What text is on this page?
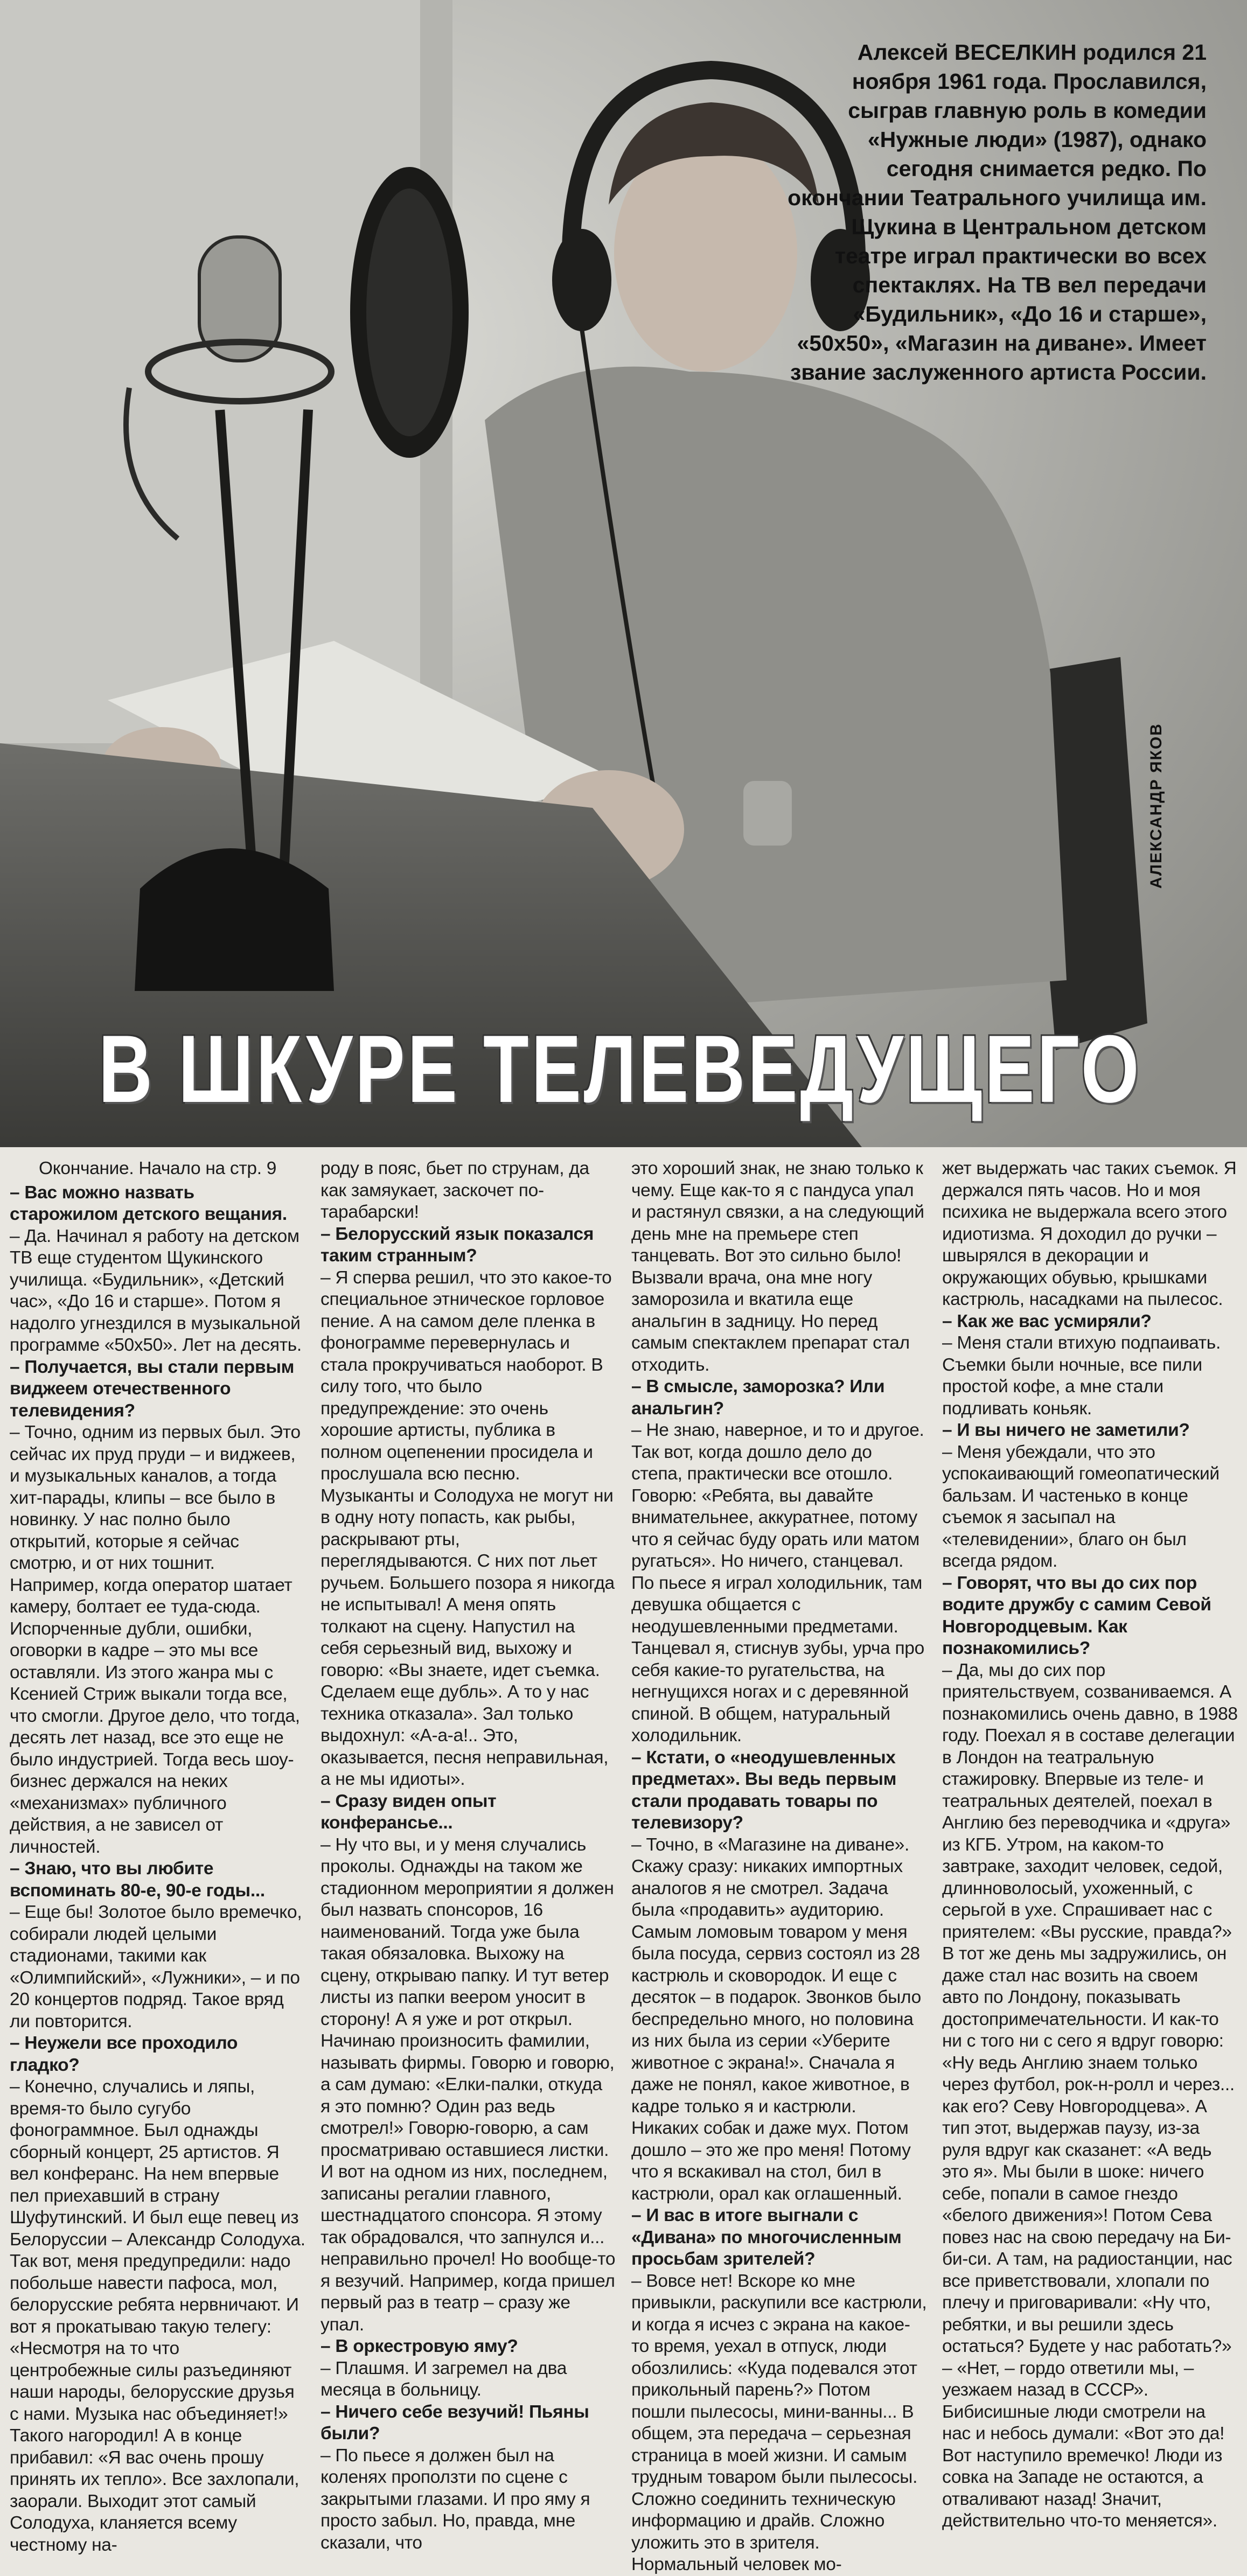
Алексей ВЕСЕЛКИН родился 21 ноября 1961 года. Прославился, сыграв главную роль в комедии «Нужные люди» (1987), однако сегодня снимается редко. По окончании Театрального училища им. Щукина в Центральном детском театре играл практически во всех спектаклях. На ТВ вел передачи «Будильник», «До 16 и старше», «50х50», «Магазин на диване». Имеет звание заслуженного артиста России.
АЛЕКСАНДР ЯКОВ
В ШКУРЕ ТЕЛЕВЕДУЩЕГО

Окончание. Начало на стр. 9

– Вас можно назвать старожилом детского вещания.

– Да. Начинал я работу на детском ТВ еще студентом Щукинского училища. «Будильник», «Детский час», «До 16 и старше». Потом я надолго угнездился в музыкальной программе «50х50». Лет на десять.

– Получается, вы стали первым виджеем отечественного телевидения?

– Точно, одним из первых был. Это сейчас их пруд пруди – и виджеев, и музыкальных каналов, а тогда хит-парады, клипы – все было в новинку. У нас полно было открытий, которые я сейчас смотрю, и от них тошнит. Например, когда оператор шатает камеру, болтает ее туда-сюда. Испорченные дубли, ошибки, оговорки в кадре – это мы все оставляли. Из этого жанра мы с Ксенией Стриж выкали тогда все, что смогли. Другое дело, что тогда, десять лет назад, все это еще не было индустрией. Тогда весь шоу-бизнес держался на неких «механизмах» публичного действия, а не зависел от личностей.

– Знаю, что вы любите вспоминать 80-е, 90-е годы...

– Еще бы! Золотое было времечко, собирали людей целыми стадионами, такими как «Олимпийский», «Лужники», – и по 20 концертов подряд. Такое вряд ли повторится.

– Неужели все проходило гладко?

– Конечно, случались и ляпы, время-то было сугубо фонограммное. Был однажды сборный концерт, 25 артистов. Я вел конферанс. На нем впервые пел приехавший в страну Шуфутинский. И был еще певец из Белоруссии – Александр Солодуха. Так вот, меня предупредили: надо побольше навести пафоса, мол, белорусские ребята нервничают. И вот я прокатываю такую телегу: «Несмотря на то что центробежные силы разъединяют наши народы, белорусские друзья с нами. Музыка нас объединяет!» Такого нагородил! А в конце прибавил: «Я вас очень прошу принять их тепло». Все захлопали, заорали. Выходит этот самый Солодуха, кланяется всему честному на-

роду в пояс, бьет по струнам, да как замяукает, заскочет по-тарабарски!

– Белорусский язык показался таким странным?

– Я сперва решил, что это какое-то специальное этническое горловое пение. А на самом деле пленка в фонограмме перевернулась и стала прокручиваться наоборот. В силу того, что было предупреждение: это очень хорошие артисты, публика в полном оцепенении просидела и прослушала всю песню. Музыканты и Солодуха не могут ни в одну ноту попасть, как рыбы, раскрывают рты, переглядываются. С них пот льет ручьем. Большего позора я никогда не испытывал! А меня опять толкают на сцену. Напустил на себя серьезный вид, выхожу и говорю: «Вы знаете, идет съемка. Сделаем еще дубль». А то у нас техника отказала». Зал только выдохнул: «А-а-а!.. Это, оказывается, песня неправильная, а не мы идиоты».

– Сразу виден опыт конферансье...

– Ну что вы, и у меня случались проколы. Однажды на таком же стадионном мероприятии я должен был назвать спонсоров, 16 наименований. Тогда уже была такая обязаловка. Выхожу на сцену, открываю папку. И тут ветер листы из папки веером уносит в сторону! А я уже и рот открыл. Начинаю произносить фамилии, называть фирмы. Говорю и говорю, а сам думаю: «Елки-палки, откуда я это помню? Один раз ведь смотрел!» Говорю-говорю, а сам просматриваю оставшиеся листки. И вот на одном из них, последнем, записаны регалии главного, шестнадцатого спонсора. Я этому так обрадовался, что запнулся и... неправильно прочел! Но вообще-то я везучий. Например, когда пришел первый раз в театр – сразу же упал.

– В оркестровую яму?

– Плашмя. И загремел на два месяца в больницу.

– Ничего себе везучий! Пьяны были?

– По пьесе я должен был на коленях проползти по сцене с закрытыми глазами. И про яму я просто забыл. Но, правда, мне сказали, что

это хороший знак, не знаю только к чему. Еще как-то я с пандуса упал и растянул связки, а на следующий день мне на премьере степ танцевать. Вот это сильно было! Вызвали врача, она мне ногу заморозила и вкатила еще анальгин в задницу. Но перед самым спектаклем препарат стал отходить.

– В смысле, заморозка? Или анальгин?

– Не знаю, наверное, и то и другое. Так вот, когда дошло дело до степа, практически все отошло. Говорю: «Ребята, вы давайте внимательнее, аккуратнее, потому что я сейчас буду орать или матом ругаться». Но ничего, станцевал. По пьесе я играл холодильник, там девушка общается с неодушевленными предметами. Танцевал я, стиснув зубы, урча про себя какие-то ругательства, на негнущихся ногах и с деревянной спиной. В общем, натуральный холодильник.

– Кстати, о «неодушевленных предметах». Вы ведь первым стали продавать товары по телевизору?

– Точно, в «Магазине на диване». Скажу сразу: никаких импортных аналогов я не смотрел. Задача была «продавить» аудиторию. Самым ломовым товаром у меня была посуда, сервиз состоял из 28 кастрюль и сковородок. И еще с десяток – в подарок. Звонков было беспредельно много, но половина из них была из серии «Уберите животное с экрана!». Сначала я даже не понял, какое животное, в кадре только я и кастрюли. Никаких собак и даже мух. Потом дошло – это же про меня! Потому что я вскакивал на стол, бил в кастрюли, орал как оглашенный.

– И вас в итоге выгнали с «Дивана» по многочисленным просьбам зрителей?

– Вовсе нет! Вскоре ко мне привыкли, раскупили все кастрюли, и когда я исчез с экрана на какое-то время, уехал в отпуск, люди обозлились: «Куда подевался этот прикольный парень?» Потом пошли пылесосы, мини-ванны... В общем, эта передача – серьезная страница в моей жизни. И самым трудным товаром были пылесосы. Сложно соединить техническую информацию и драйв. Сложно уложить это в зрителя. Нормальный человек мо-

жет выдержать час таких съемок. Я держался пять часов. Но и моя психика не выдержала всего этого идиотизма. Я доходил до ручки – швырялся в декорации и окружающих обувью, крышками кастрюль, насадками на пылесос.

– Как же вас усмиряли?

– Меня стали втихую подпаивать. Съемки были ночные, все пили простой кофе, а мне стали подливать коньяк.

– И вы ничего не заметили?

– Меня убеждали, что это успокаивающий гомеопатический бальзам. И частенько в конце съемок я засыпал на «телевидении», благо он был всегда рядом.

– Говорят, что вы до сих пор водите дружбу с самим Севой Новгородцевым. Как познакомились?

– Да, мы до сих пор приятельствуем, созваниваемся. А познакомились очень давно, в 1988 году. Поехал я в составе делегации в Лондон на театральную стажировку. Впервые из теле- и театральных деятелей, поехал в Англию без переводчика и «друга» из КГБ. Утром, на каком-то завтраке, заходит человек, седой, длинноволосый, ухоженный, с серьгой в ухе. Спрашивает нас с приятелем: «Вы русские, правда?» В тот же день мы задружились, он даже стал нас возить на своем авто по Лондону, показывать достопримечательности. И как-то ни с того ни с сего я вдруг говорю: «Ну ведь Англию знаем только через футбол, рок-н-ролл и через... как его? Севу Новгородцева». А тип этот, выдержав паузу, из-за руля вдруг как сказанет: «А ведь это я». Мы были в шоке: ничего себе, попали в самое гнездо «белого движения»! Потом Сева повез нас на свою передачу на Би-би-си. А там, на радиостанции, нас все приветствовали, хлопали по плечу и приговаривали: «Ну что, ребятки, и вы решили здесь остаться? Будете у нас работать?» – «Нет, – гордо ответили мы, – уезжаем назад в СССР». Бибисишные люди смотрели на нас и небось думали: «Вот это да! Вот наступило времечко! Люди из совка на Западе не остаются, а отваливают назад! Значит, действительно что-то меняется».
